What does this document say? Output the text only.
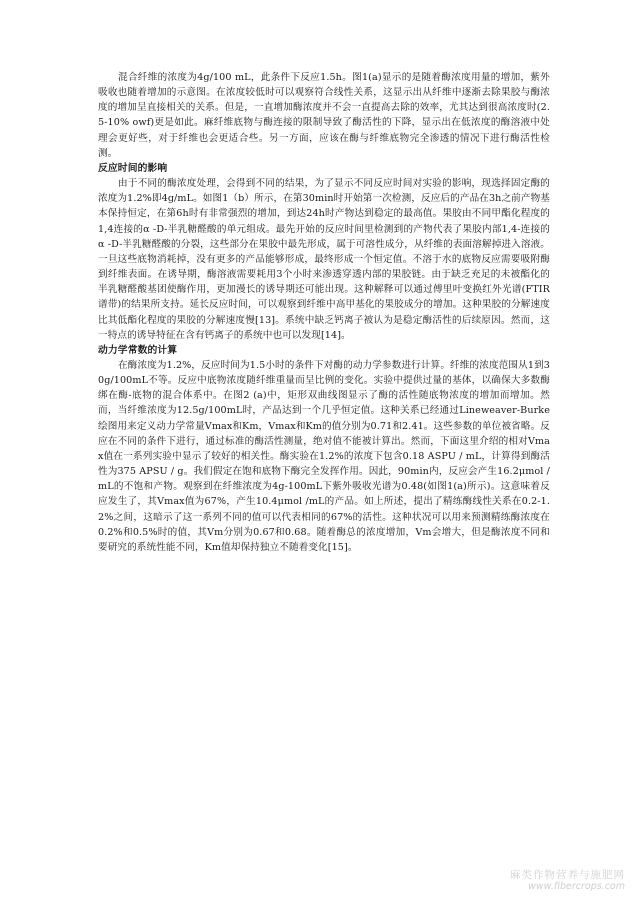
混合纤维的浓度为4g/100 mL，此条件下反应1.5h。图1(a)显示的是随着酶浓度用量的增加，紫外吸收也随着增加的示意图。在浓度较低时可以观察符合线性关系，这显示出从纤维中逐渐去除果胶与酶浓度的增加呈直接相关的关系。但是，一直增加酶浓度并不会一直提高去除的效率，尤其达到很高浓度时(2.5-10% owf)更是如此。麻纤维底物与酶连接的限制导致了酶活性的下降，显示出在低浓度的酶溶液中处理会更好些，对于纤维也会更适合些。另一方面，应该在酶与纤维底物完全渗透的情况下进行酶活性检测。

反应时间的影响

由于不同的酶浓度处理，会得到不同的结果，为了显示不同反应时间对实验的影响，现选择固定酶的浓度为1.2%即4g/mL。如图1（b）所示，在第30min时开始第一次检测，反应后的产品在3h之前产物基本保持恒定，在第6h时有非常强烈的增加，到达24h时产物达到稳定的最高值。果胶由不同甲酯化程度的1,4连接的α -D-半乳糖醛酸的单元组成。最先开始的反应时间里检测到的产物代表了果胶内部1,4-连接的α -D-半乳糖醛酸的分裂，这些部分在果胶中最先形成，属于可溶性成分，从纤维的表面溶解掉进入溶液。一旦这些底物消耗掉，没有更多的产品能够形成，最终形成一个恒定值。不溶于水的底物反应需要吸附酶到纤维表面。在诱导期，酶溶液需要耗用3个小时来渗透穿透内部的果胶链。由于缺乏充足的未被酯化的半乳糖醛酸基团使酶作用，更加漫长的诱导期还可能出现。这种解释可以通过傅里叶变换红外光谱(FTIR谱带)的结果所支持。延长反应时间，可以观察到纤维中高甲基化的果胶成分的增加。这种果胶的分解速度比其低酯化程度的果胶的分解速度慢[13]。系统中缺乏钙离子被认为是稳定酶活性的后续原因。然而，这一特点的诱导特征在含有钙离子的系统中也可以发现[14]。

动力学常数的计算

在酶浓度为1.2%，反应时间为1.5小时的条件下对酶的动力学参数进行计算。纤维的浓度范围从1到30g/100mL不等。反应中底物浓度随纤维重量而呈比例的变化。实验中提供过量的基体，以确保大多数酶绑在酶-底物的混合体系中。在图2 (a)中，矩形双曲线图显示了酶的活性随底物浓度的增加而增加。然而，当纤维浓度为12.5g/100mL时，产品达到一个几乎恒定值。这种关系已经通过Lineweaver-Burke绘图用来定义动力学常量Vmax和Km，Vmax和Km的值分别为0.71和2.41。这些参数的单位被省略。反应在不同的条件下进行，通过标准的酶活性测量，绝对值不能被计算出。然而，下面这里介绍的相对Vmax值在一系列实验中显示了较好的相关性。酶实验在1.2%的浓度下包含0.18 ASPU / mL，计算得到酶活性为375 APSU / g。我们假定在饱和底物下酶完全发挥作用。因此，90min内，反应会产生16.2μmol /mL的不饱和产物。观察到在纤维浓度为4g-100mL下紫外吸收光谱为0.48(如图1(a)所示)。这意味着反应发生了，其Vmax值为67%，产生10.4μmol /mL的产品。如上所述，提出了精练酶线性关系在0.2-1.2%之间，这暗示了这一系列不同的值可以代表相同的67%的活性。这种状况可以用来预测精练酶浓度在0.2%和0.5%时的值，其Vm分别为0.67和0.68。随着酶总的浓度增加，Vm会增大，但是酶浓度不同和要研究的系统性能不同，Km值却保持独立不随着变化[15]。

麻类作物营养与施肥网
www.fibercrops.com
